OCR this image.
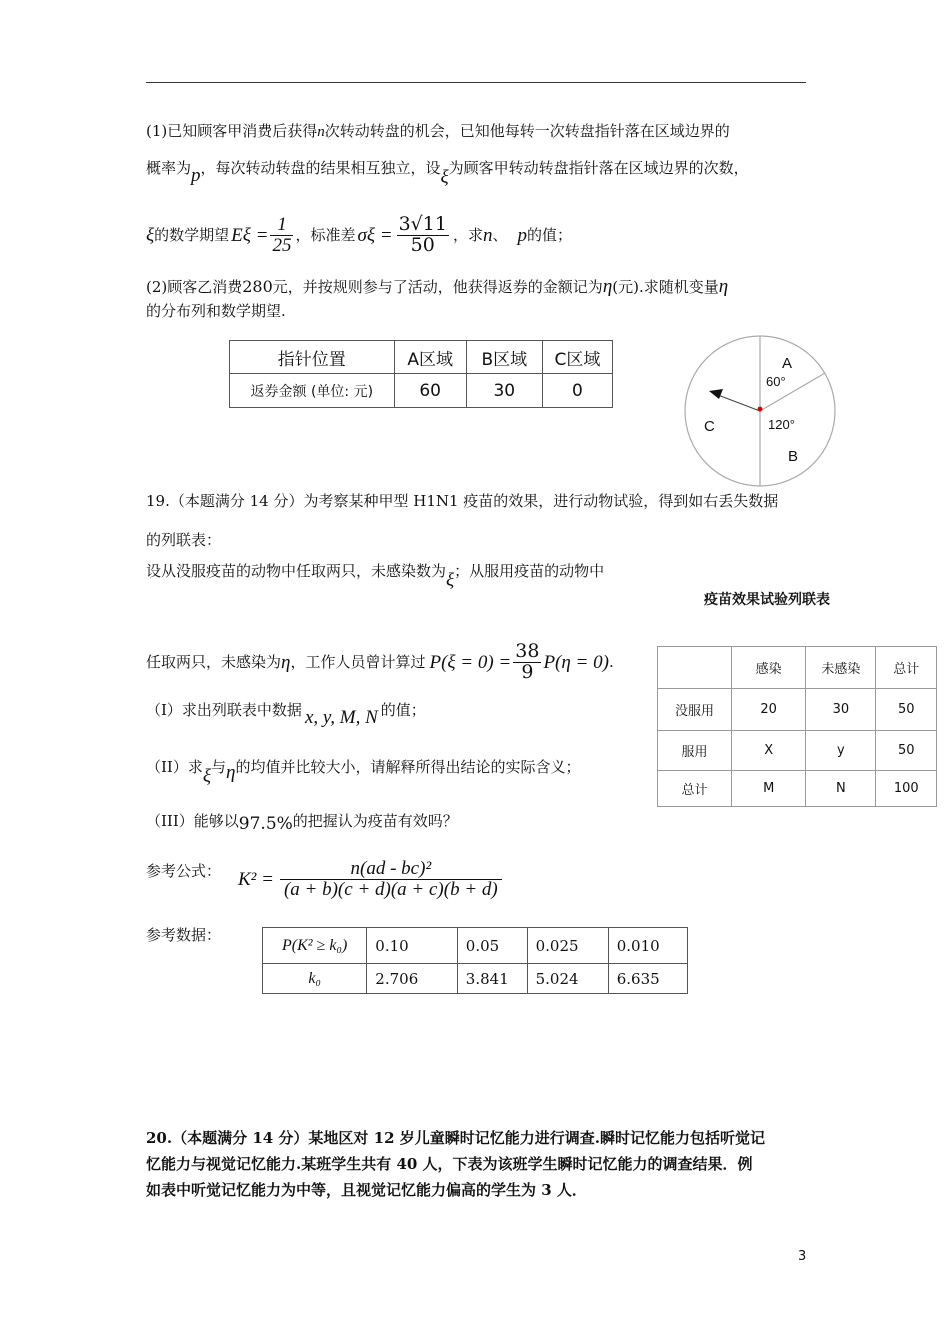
(1)已知顾客甲消费后获得n次转动转盘的机会，已知他每转一次转盘指针落在区域边界的
概率为p，每次转动转盘的结果相互独立，设ξ为顾客甲转动转盘指针落在区域边界的次数，
ξ 的数学期望 $E\xi = \frac{1}{25}$ ，标准差 $\sigma\xi = \frac{3√11}{50}$ ，求 n 、 p 的值；
(2)顾客乙消费280元，并按规则参与了活动，他获得返券的金额记为η(元).求随机变量η
的分布列和数学期望.
指针位置	A区域	B区域	C区域
返券金额 (单位: 元)	60	30	0
A
60°
C	120°
B
19.（本题满分 14 分）为考察某种甲型 H1N1 疫苗的效果，进行动物试验，得到如右丢失数据
的列联表：
设从没服疫苗的动物中任取两只，未感染数为ξ；从服用疫苗的动物中
疫苗效果试验列联表
任取两只，未感染为 η ，工作人员曾计算过 $P(\xi = 0) = \frac{38}{9} P(\eta = 0)$ .
（I）求出列联表中数据 x, y, M, N 的值；
（II）求ξ与η的均值并比较大小，请解释所得出结论的实际含义；
（III）能够以97.5%的把握认为疫苗有效吗？
	感染	未感染	总计
没服用	20	30	50
服用	X	y	50
总计	M	N	100
参考公式： $K^2 = \frac{\text{n(ad - bc)²}}{(a + b)(c + d)(a + c)(b + d)}$
参考数据：
P(K² ≥ k₀)	0.10	0.05	0.025	0.010
k₀	2.706	3.841	5.024	6.635
20.（本题满分 14 分）某地区对 12 岁儿童瞬时记忆能力进行调查.瞬时记忆能力包括听觉记
忆能力与视觉记忆能力.某班学生共有 40 人，下表为该班学生瞬时记忆能力的调查结果．例
如表中听觉记忆能力为中等，且视觉记忆能力偏高的学生为 3 人．
3
